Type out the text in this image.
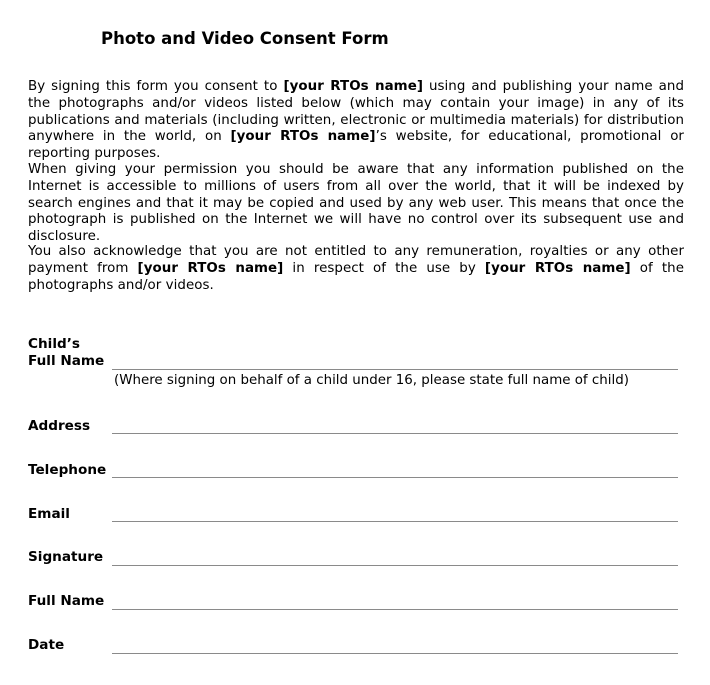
Photo and Video Consent Form

By signing this form you consent to [your RTOs name] using and publishing your name and the photographs and/or videos listed below (which may contain your image) in any of its publications and materials (including written, electronic or multimedia materials) for distribution anywhere in the world, on [your RTOs name]’s website, for educational, promotional or reporting purposes.

When giving your permission you should be aware that any information published on the Internet is accessible to millions of users from all over the world, that it will be indexed by search engines and that it may be copied and used by any web user. This means that once the photograph is published on the Internet we will have no control over its subsequent use and disclosure.

You also acknowledge that you are not entitled to any remuneration, royalties or any other payment from [your RTOs name] in respect of the use by [your RTOs name] of the photographs and/or videos.

Child’s
Full Name
(Where signing on behalf of a child under 16, please state full name of child)
Address
Telephone
Email
Signature
Full Name
Date
